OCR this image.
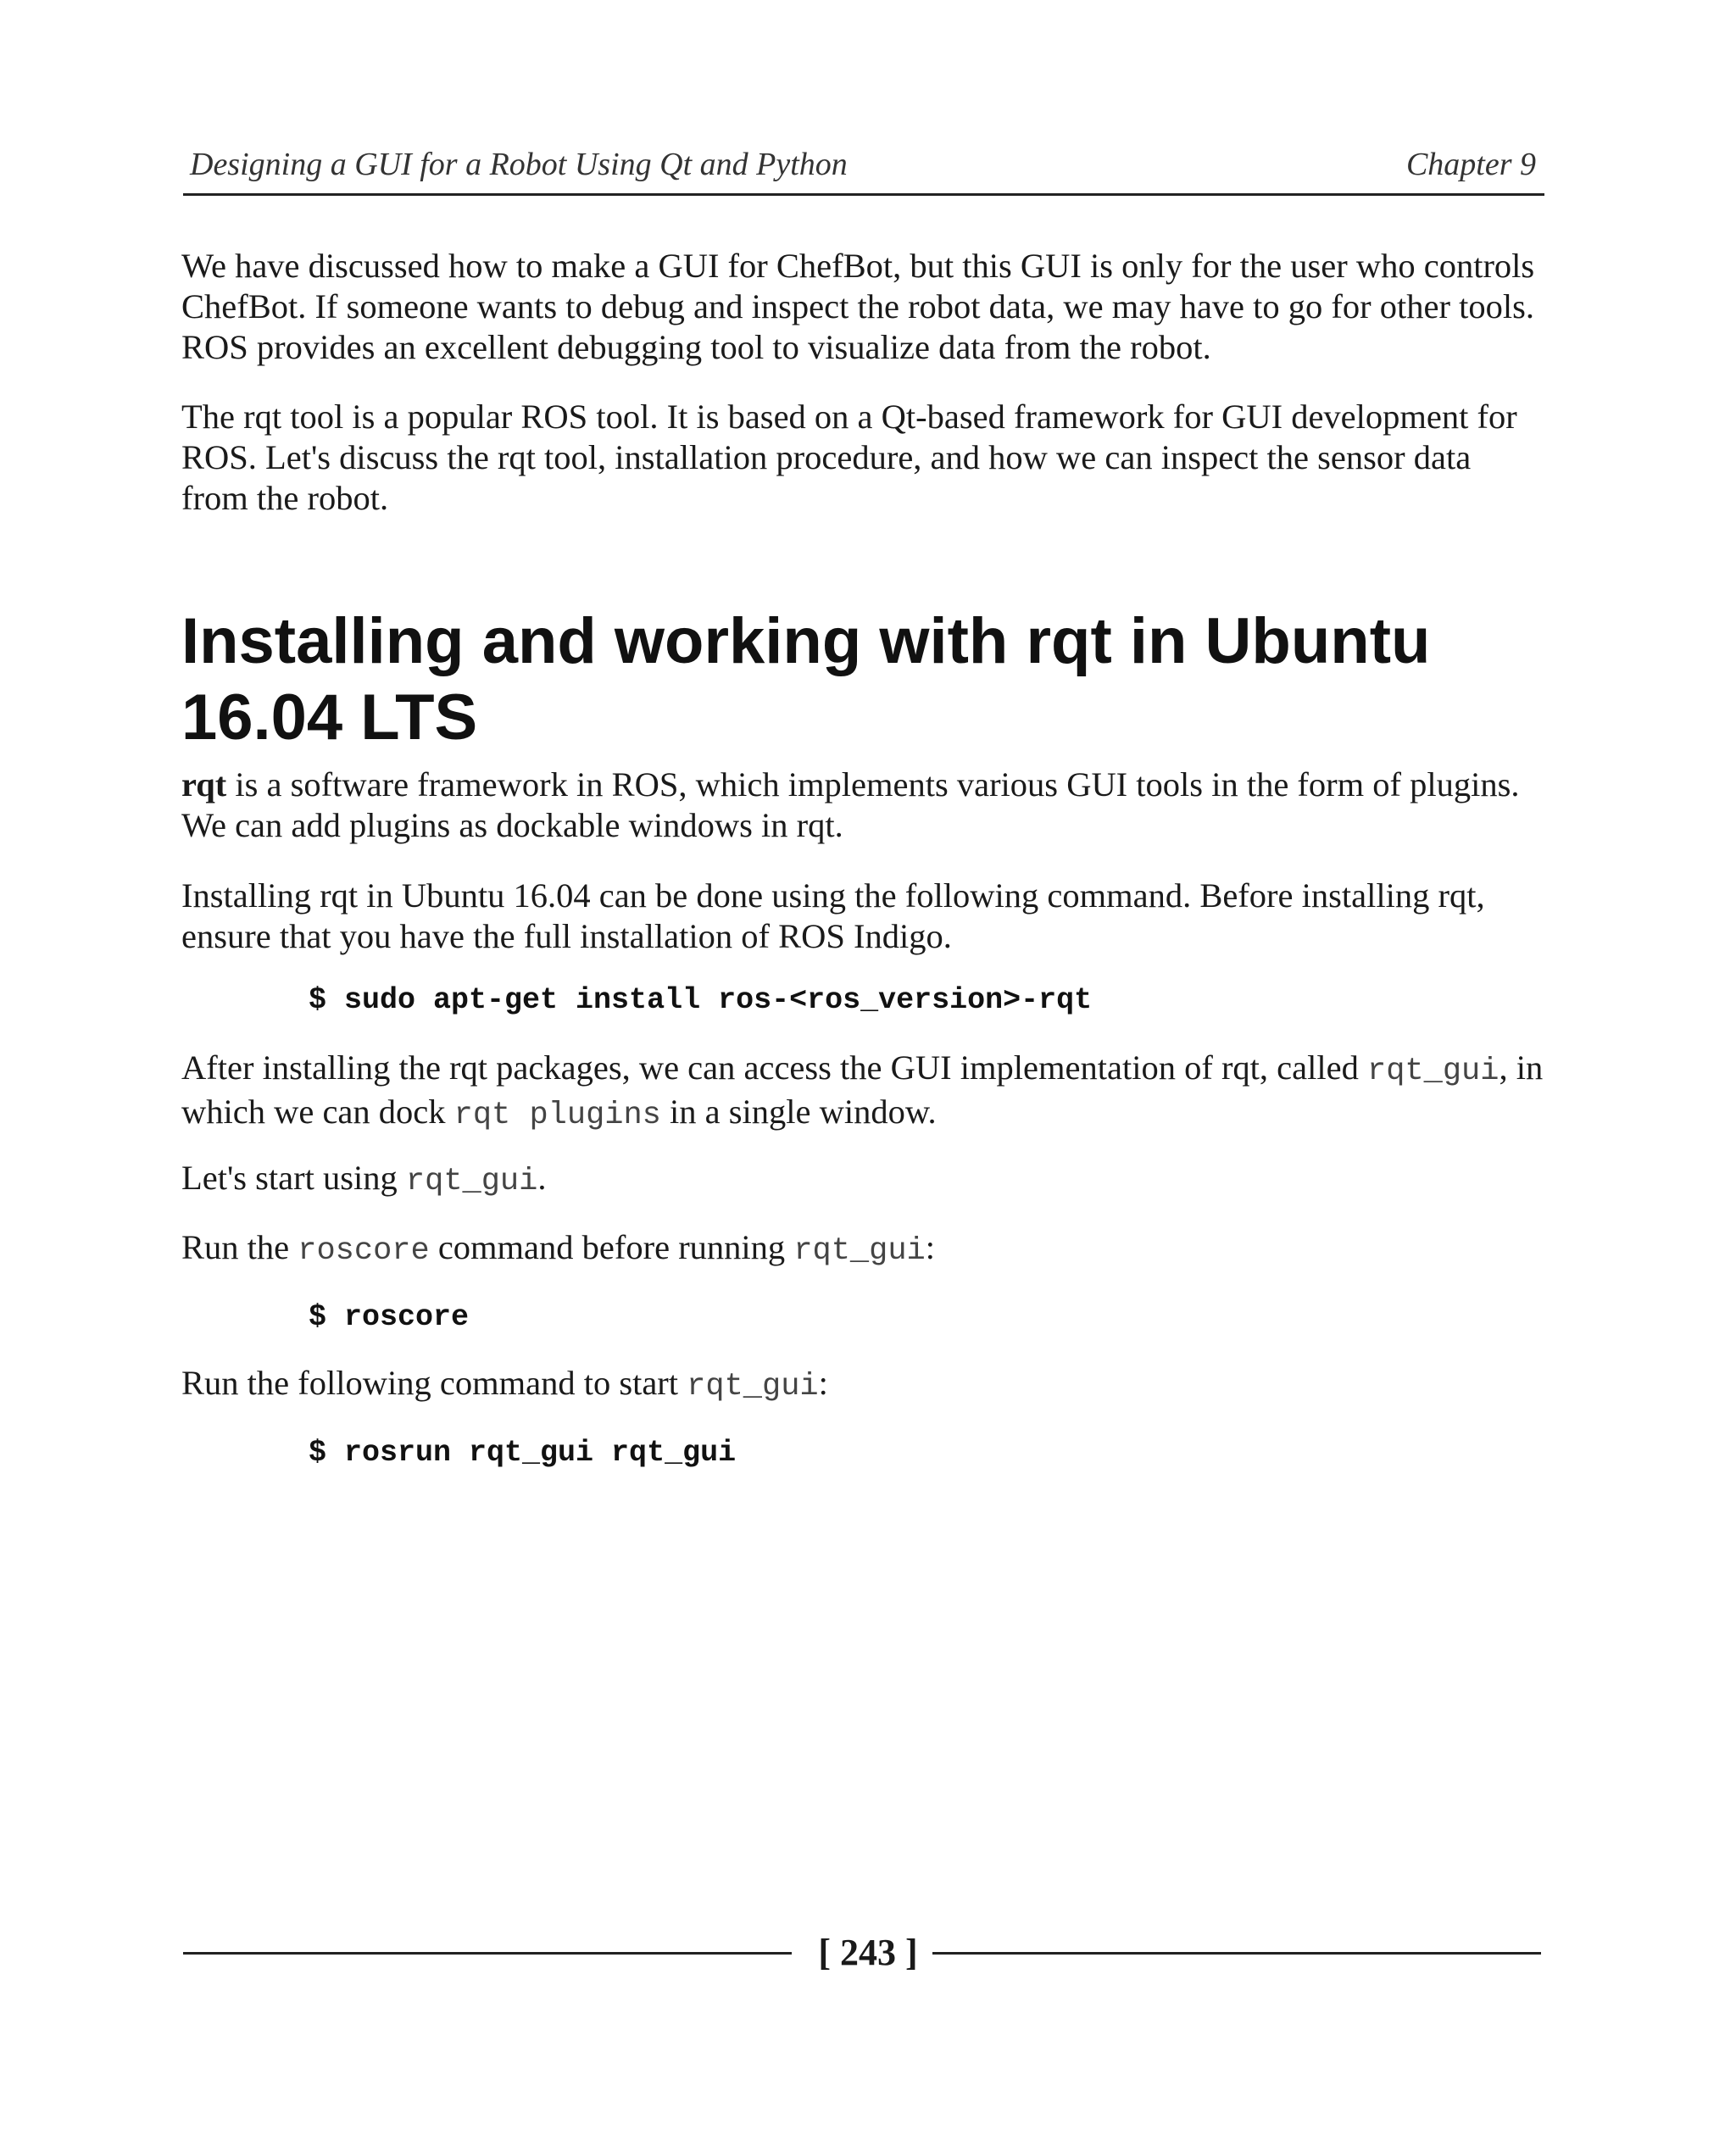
Designing a GUI for a Robot Using Qt and Python	Chapter 9

We have discussed how to make a GUI for ChefBot, but this GUI is only for the user who controls ChefBot. If someone wants to debug and inspect the robot data, we may have to go for other tools. ROS provides an excellent debugging tool to visualize data from the robot.

The rqt tool is a popular ROS tool. It is based on a Qt-based framework for GUI development for ROS. Let's discuss the rqt tool, installation procedure, and how we can inspect the sensor data from the robot.

Installing and working with rqt in Ubuntu 16.04 LTS

rqt is a software framework in ROS, which implements various GUI tools in the form of plugins. We can add plugins as dockable windows in rqt.

Installing rqt in Ubuntu 16.04 can be done using the following command. Before installing rqt, ensure that you have the full installation of ROS Indigo.

$ sudo apt-get install ros-<ros_version>-rqt

After installing the rqt packages, we can access the GUI implementation of rqt, called rqt_gui, in which we can dock rqt plugins in a single window.

Let's start using rqt_gui.

Run the roscore command before running rqt_gui:

$ roscore

Run the following command to start rqt_gui:

$ rosrun rqt_gui rqt_gui
[ 243 ]
